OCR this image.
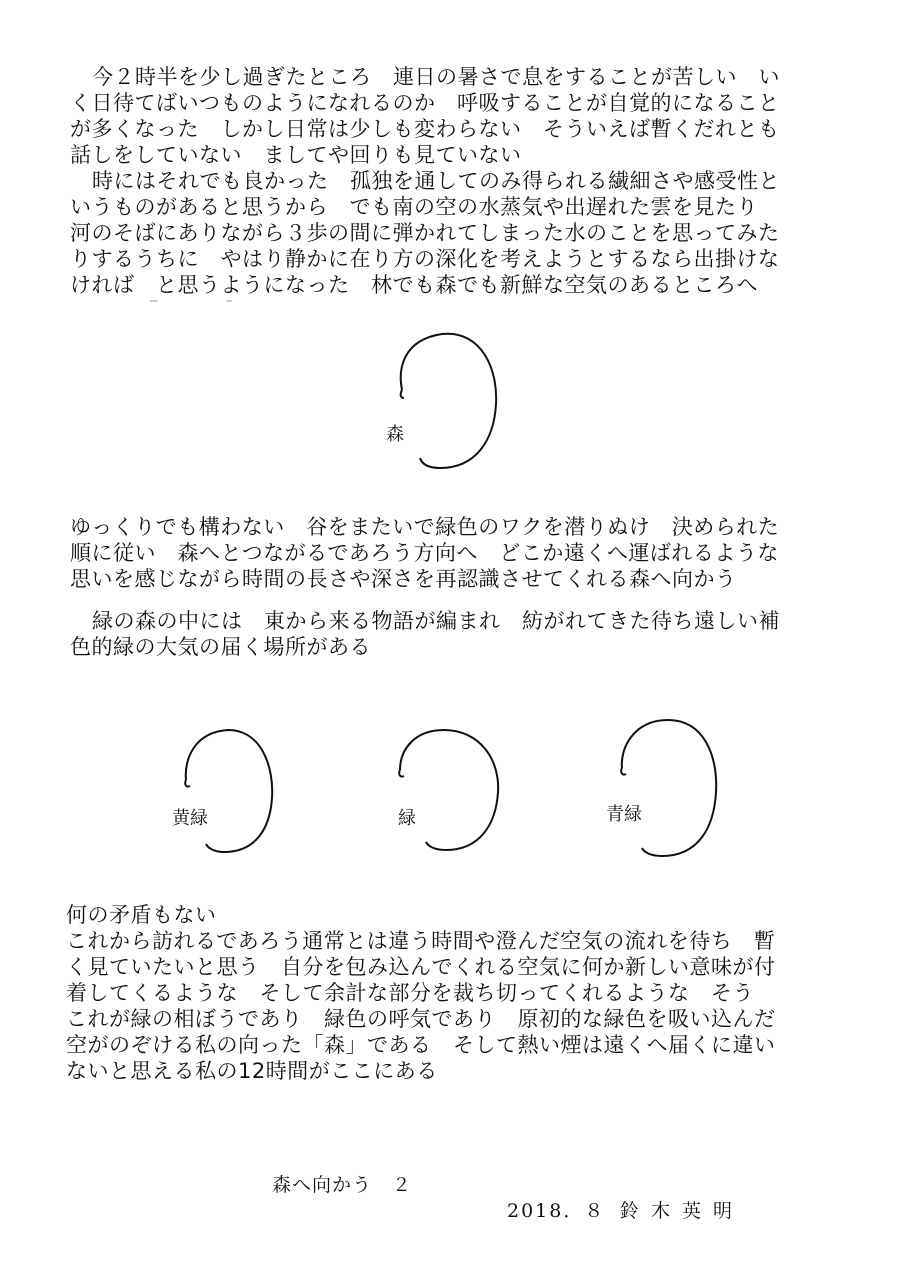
今２時半を少し過ぎたところ　連日の暑さで息をすることが苦しい　い
く日待てばいつものようになれるのか　呼吸することが自覚的になること
が多くなった　しかし日常は少しも変わらない　そういえば暫くだれとも
話しをしていない　ましてや回りも見ていない
時にはそれでも良かった　孤独を通してのみ得られる繊細さや感受性と
いうものがあると思うから　でも南の空の水蒸気や出遅れた雲を見たり
河のそばにありながら３歩の間に弾かれてしまった水のことを思ってみた
りするうちに　やはり静かに在り方の深化を考えようとするなら出掛けな
ければ　と思うようになった　林でも森でも新鮮な空気のあるところへ
森
ゆっくりでも構わない　谷をまたいで緑色のワクを潜りぬけ　決められた
順に従い　森へとつながるであろう方向へ　どこか遠くへ運ばれるような
思いを感じながら時間の長さや深さを再認識させてくれる森へ向かう
緑の森の中には　東から来る物語が編まれ　紡がれてきた待ち遠しい補
色的緑の大気の届く場所がある
黄緑	緑	青緑
何の矛盾もない
これから訪れるであろう通常とは違う時間や澄んだ空気の流れを待ち　暫
く見ていたいと思う　自分を包み込んでくれる空気に何か新しい意味が付
着してくるような　そして余計な部分を裁ち切ってくれるような　そう
これが緑の相ぼうであり　緑色の呼気であり　原初的な緑色を吸い込んだ
空がのぞける私の向った「森」である　そして熱い煙は遠くへ届くに違い
ないと思える私の12時間がここにある
森へ向かう　２
2018．８ 鈴木英明
